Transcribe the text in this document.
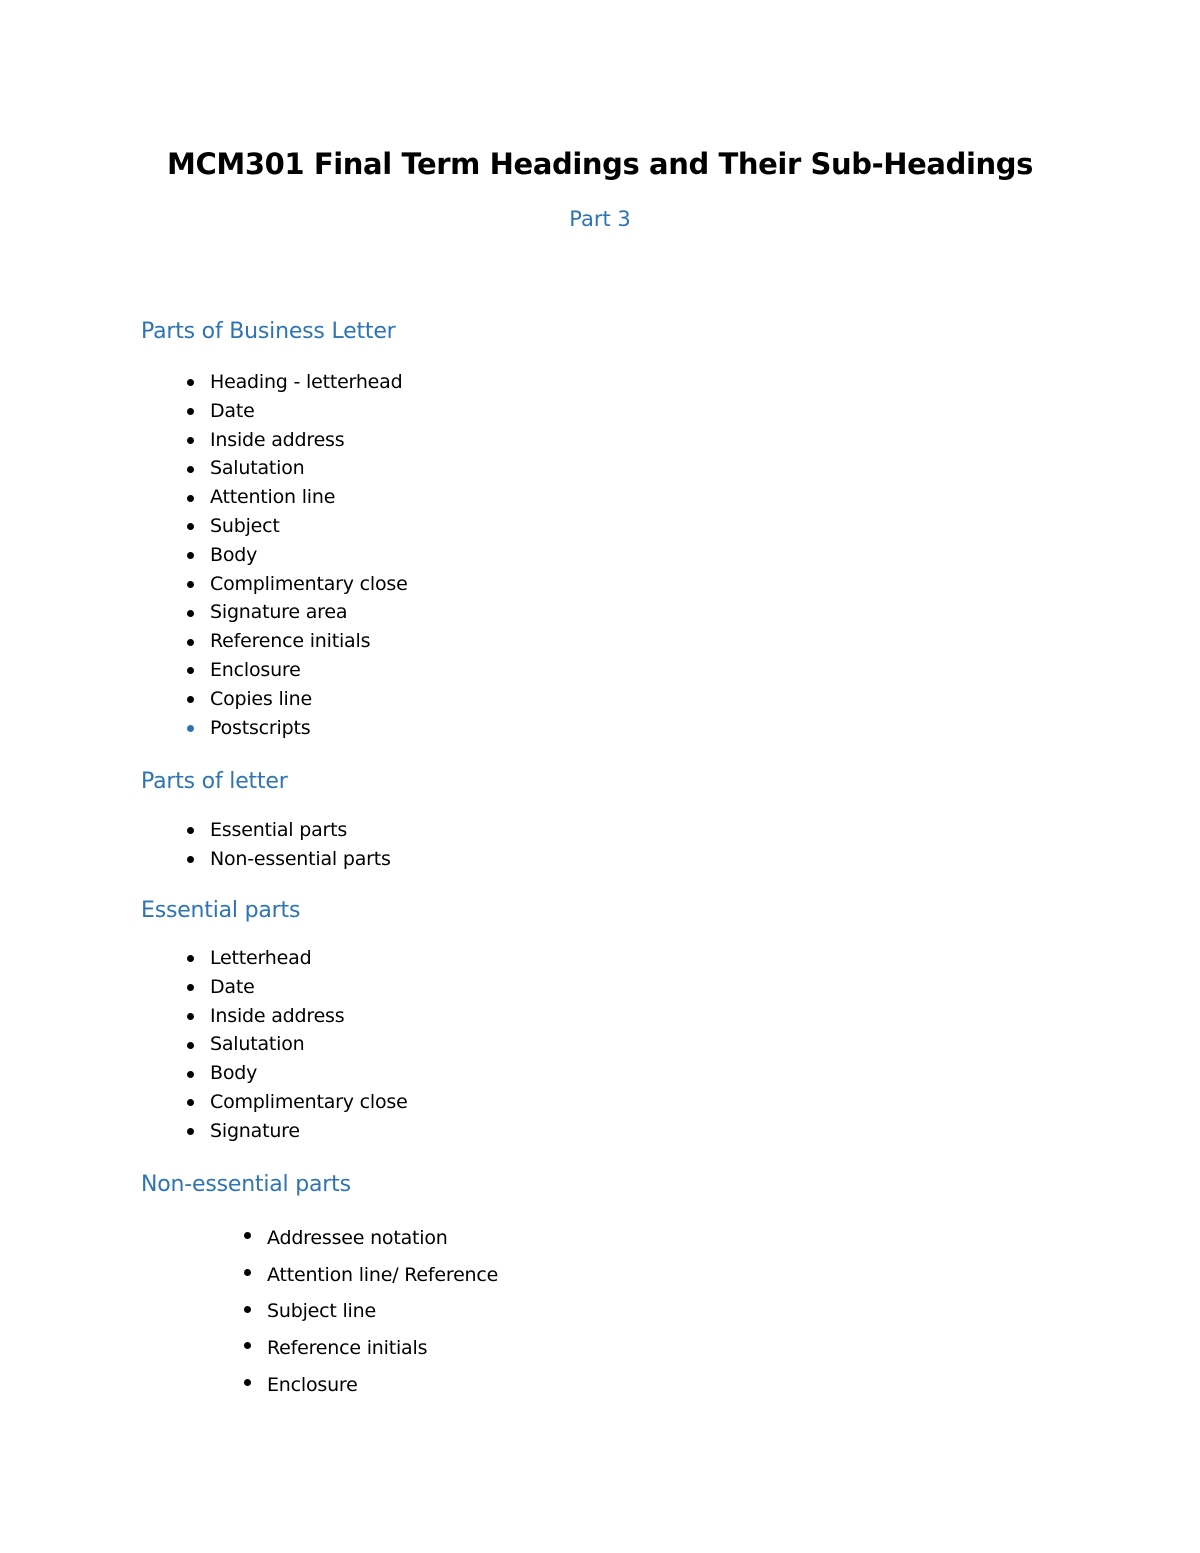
MCM301 Final Term Headings and Their Sub-Headings
Part 3
Parts of Business Letter
Heading - letterhead
Date
Inside address
Salutation
Attention line
Subject
Body
Complimentary close
Signature area
Reference initials
Enclosure
Copies line
Postscripts
Parts of letter
Essential parts
Non-essential parts
Essential parts
Letterhead
Date
Inside address
Salutation
Body
Complimentary close
Signature
Non-essential parts
Addressee notation
Attention line/ Reference
Subject line
Reference initials
Enclosure
